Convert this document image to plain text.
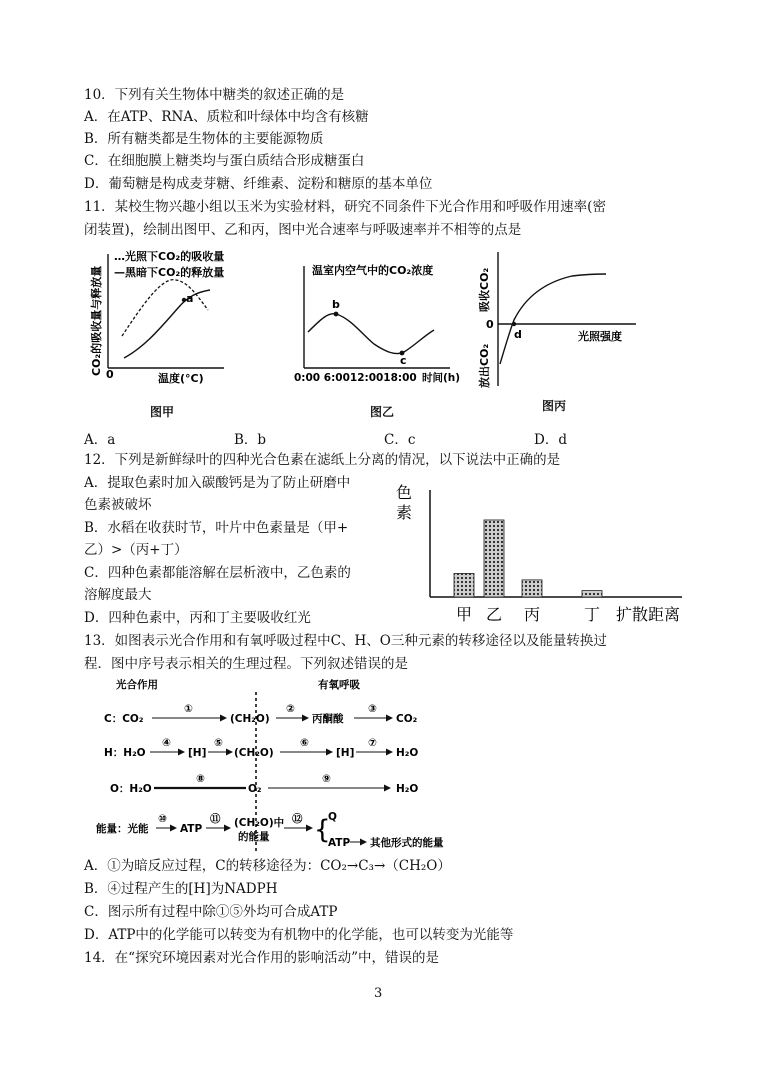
10．下列有关生物体中糖类的叙述正确的是
A．在ATP、RNA、质粒和叶绿体中均含有核糖
B．所有糖类都是生物体的主要能源物质
C．在细胞膜上糖类均与蛋白质结合形成糖蛋白
D．葡萄糖是构成麦芽糖、纤维素、淀粉和糖原的基本单位
11．某校生物兴趣小组以玉米为实验材料，研究不同条件下光合作用和呼吸作用速率(密
闭装置)，绘制出图甲、乙和丙，图中光合速率与呼吸速率并不相等的点是
CO₂的吸收量与释放量
…光照下CO₂的吸收量
—黑暗下CO₂的释放量
a
0	温度(°C)
图甲
温室内空气中的CO₂浓度
b
c
0:00 6:0012:0018:00 时间(h)
图乙
吸收CO₂
放出CO₂
0
d	光照强度
图丙
A．a	B．b	C．c	D．d
12．下列是新鲜绿叶的四种光合色素在滤纸上分离的情况，以下说法中正确的是
A．提取色素时加入碳酸钙是为了防止研磨中
色素被破坏
B．水稻在收获时节，叶片中色素量是（甲+
乙）>（丙+丁）
C．四种色素都能溶解在层析液中，乙色素的
溶解度最大
D．四种色素中，丙和丁主要吸收红光
色
素
甲 乙 丙	丁 扩散距离
13．如图表示光合作用和有氧呼吸过程中C、H、O三种元素的转移途径以及能量转换过
程．图中序号表示相关的生理过程。下列叙述错误的是
光合作用	有氧呼吸
C：CO₂
①
(CH₂O)
②
丙酮酸
③
CO₂
H：H₂O
④
[H]
⑤
(CH₂O)
⑥
[H]
⑦
H₂O
O：H₂O
⑧
O₂
⑨
H₂O
能量：光能
⑩
ATP
⑪ (CH₂O)中
的能量
⑫ {
Q
ATP 其他形式的能量
A．①为暗反应过程，C的转移途径为：CO₂→C₃→（CH₂O）
B．④过程产生的[H]为NADPH
C．图示所有过程中除①⑤外均可合成ATP
D．ATP中的化学能可以转变为有机物中的化学能，也可以转变为光能等
14．在“探究环境因素对光合作用的影响活动”中，错误的是
3
